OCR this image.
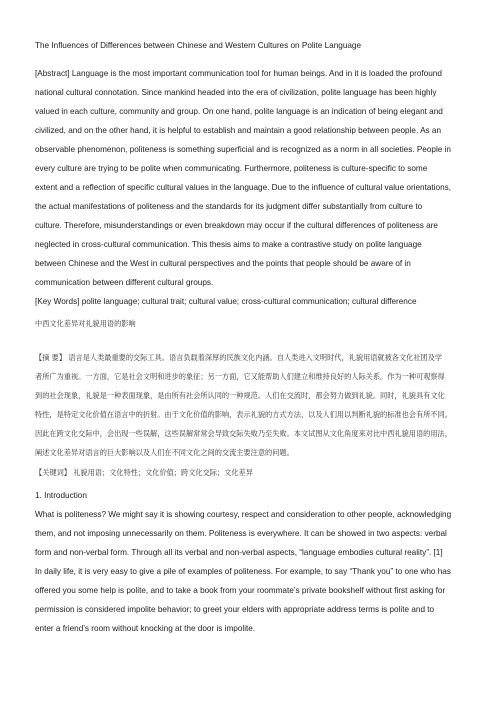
The Influences of Differences between Chinese and Western Cultures on Polite Language
[Abstract] Language is the most important communication tool for human beings. And in it is loaded the profound
national cultural connotation. Since mankind headed into the era of civilization, polite language has been highly
valued in each culture, community and group. On one hand, polite language is an indication of being elegant and
civilized, and on the other hand, it is helpful to establish and maintain a good relationship between people. As an
observable phenomenon, politeness is something superficial and is recognized as a norm in all societies. People in
every culture are trying to be polite when communicating. Furthermore, politeness is culture-specific to some
extent and a reflection of specific cultural values in the language. Due to the influence of cultural value orientations,
the actual manifestations of politeness and the standards for its judgment differ substantially from culture to
culture. Therefore, misunderstandings or even breakdown may occur if the cultural differences of politeness are
neglected in cross-cultural communication. This thesis aims to make a contrastive study on polite language
between Chinese and the West in cultural perspectives and the points that people should be aware of in
communication between different cultural groups.
[Key Words] polite language; cultural trait; cultural value; cross-cultural communication; cultural difference
中西文化差异对礼貌用语的影响
【摘 要】 语言是人类最重要的交际工具。语言负载着深厚的民族文化内涵。自人类进入文明时代，礼貌用语就被各文化社团及学
者所广为重视。一方面，它是社会文明和进步的象征；另一方面，它又能帮助人们建立和维持良好的人际关系。作为一种可观察得
到的社会现象，礼貌是一种表面现象，是由所有社会所认同的一种规范。人们在交流时，都会努力做到礼貌。同时，礼貌具有文化
特性，是特定文化价值在语言中的折射。由于文化价值的影响，表示礼貌的方式方法，以及人们用以判断礼貌的标准也会有所不同。
因此在跨文化交际中，会出现一些误解，这些误解常常会导致交际失败乃至失败。本文试图从文化角度来对比中西礼貌用语的用法，
阐述文化差异对语言的巨大影响以及人们在不同文化之间的交流主要注意的问题。
【关键词】 礼貌用语；文化特性；文化价值；跨文化交际；文化差异
1. Introduction
What is politeness? We might say it is showing courtesy, respect and consideration to other people, acknowledging
them, and not imposing unnecessarily on them. Politeness is everywhere. It can be showed in two aspects: verbal
form and non-verbal form. Through all its verbal and non-verbal aspects, “language embodies cultural reality”. [1]
In daily life, it is very easy to give a pile of examples of politeness. For example, to say “Thank you” to one who has
offered you some help is polite, and to take a book from your roommate’s private bookshelf without first asking for
permission is considered impolite behavior; to greet your elders with appropriate address terms is polite and to
enter a friend’s room without knocking at the door is impolite.
